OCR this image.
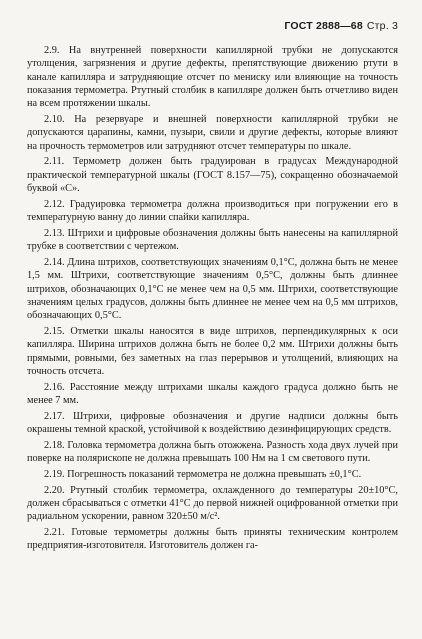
ГОСТ 2888—68 Стр. 3

2.9. На внутренней поверхности капиллярной трубки не допускаются утолщения, загрязнения и другие дефекты, препятствующие движению ртути в канале капилляра и затрудняющие отсчет по мениску или влияющие на точность показания термометра. Ртутный столбик в капилляре должен быть отчетливо виден на всем протяжении шкалы.

2.10. На резервуаре и внешней поверхности капиллярной трубки не допускаются царапины, камни, пузыри, свили и другие дефекты, которые влияют на прочность термометров или затрудняют отсчет температуры по шкале.

2.11. Термометр должен быть градуирован в градусах Международной практической температурной шкалы (ГОСТ 8.157—75), сокращенно обозначаемой буквой «С».

2.12. Градуировка термометра должна производиться при погружении его в температурную ванну до линии спайки капилляра.

2.13. Штрихи и цифровые обозначения должны быть нанесены на капиллярной трубке в соответствии с чертежом.

2.14. Длина штрихов, соответствующих значениям 0,1°C, должна быть не менее 1,5 мм. Штрихи, соответствующие значениям 0,5°C, должны быть длиннее штрихов, обозначающих 0,1°C не менее чем на 0,5 мм. Штрихи, соответствующие значениям целых градусов, должны быть длиннее не менее чем на 0,5 мм штрихов, обозначающих 0,5°C.

2.15. Отметки шкалы наносятся в виде штрихов, перпендикулярных к оси капилляра. Ширина штрихов должна быть не более 0,2 мм. Штрихи должны быть прямыми, ровными, без заметных на глаз перерывов и утолщений, влияющих на точность отсчета.

2.16. Расстояние между штрихами шкалы каждого градуса должно быть не менее 7 мм.

2.17. Штрихи, цифровые обозначения и другие надписи должны быть окрашены темной краской, устойчивой к воздействию дезинфицирующих средств.

2.18. Головка термометра должна быть отожжена. Разность хода двух лучей при поверке на полярископе не должна превышать 100 Нм на 1 см светового пути.

2.19. Погрешность показаний термометра не должна превышать ±0,1°C.

2.20. Ртутный столбик термометра, охлажденного до температуры 20±10°C, должен сбрасываться с отметки 41°C до первой нижней оцифрованной отметки при радиальном ускорении, равном 320±50 м/с².

2.21. Готовые термометры должны быть приняты техническим контролем предприятия-изготовителя. Изготовитель должен га-
